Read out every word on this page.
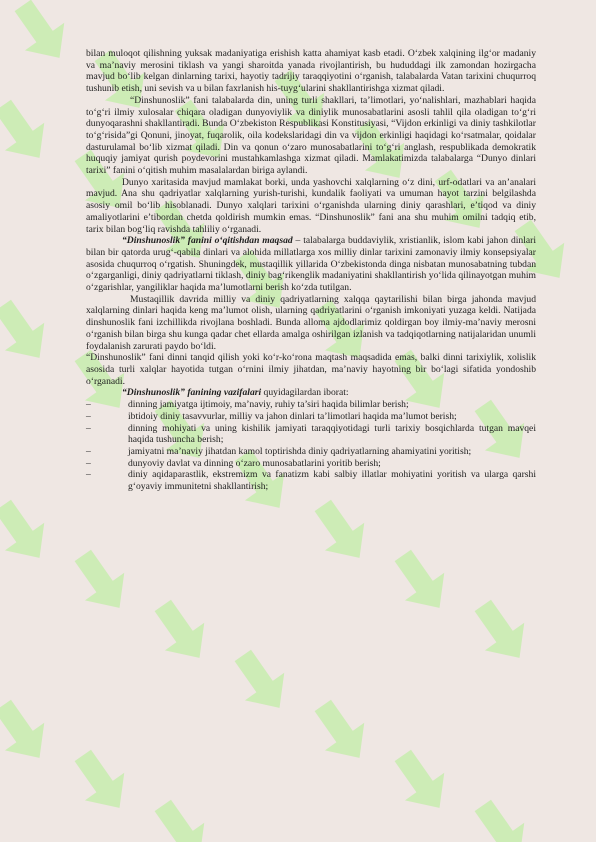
bilan muloqot qilishning yuksak madaniyatiga erishish katta ahamiyat kasb etadi. O‘zbek xalqining ilg‘or madaniy va ma’naviy merosini tiklash va yangi sharoitda yanada rivojlantirish, bu hududdagi ilk zamondan hozirgacha mavjud bo‘lib kelgan dinlarning tarixi, hayotiy tadrijiy taraqqiyotini o‘rganish, talabalarda Vatan tarixini chuqurroq tushunib etish, uni sevish va u bilan faxrlanish his-tuyg‘ularini shakllantirishga xizmat qiladi.

“Dinshunoslik” fani talabalarda din, uning turli shakllari, ta’limotlari, yo‘nalishlari, mazhablari haqida to‘g‘ri ilmiy xulosalar chiqara oladigan dunyoviylik va diniylik munosabatlarini asosli tahlil qila oladigan to‘g‘ri dunyoqarashni shakllantiradi. Bunda O‘zbekiston Respublikasi Konstitusiyasi, “Vijdon erkinligi va diniy tashkilotlar to‘g‘risida”gi Qonuni, jinoyat, fuqarolik, oila kodekslaridagi din va vijdon erkinligi haqidagi ko‘rsatmalar, qoidalar dasturulamal bo‘lib xizmat qiladi. Din va qonun o‘zaro munosabatlarini to‘g‘ri anglash, respublikada demokratik huquqiy jamiyat qurish poydevorini mustahkamlashga xizmat qiladi. Mamlakatimizda talabalarga “Dunyo dinlari tarixi” fanini o‘qitish muhim masalalardan biriga aylandi.

Dunyo xaritasida mavjud mamlakat borki, unda yashovchi xalqlarning o‘z dini, urf-odatlari va an’analari mavjud. Ana shu qadriyatlar xalqlarning yurish-turishi, kundalik faoliyati va umuman hayot tarzini belgilashda asosiy omil bo‘lib hisoblanadi. Dunyo xalqlari tarixini o‘rganishda ularning diniy qarashlari, e’tiqod va diniy amaliyotlarini e’tibordan chetda qoldirish mumkin emas. “Dinshunoslik” fani ana shu muhim omilni tadqiq etib, tarix bilan bog‘liq ravishda tahliliy o‘rganadi.

“Dinshunoslik” fanini o‘qitishdan maqsad – talabalarga buddaviylik, xristianlik, islom kabi jahon dinlari bilan bir qatorda urug‘-qabila dinlari va alohida millatlarga xos milliy dinlar tarixini zamonaviy ilmiy konsepsiyalar asosida chuqurroq o‘rgatish. Shuningdek, mustaqillik yillarida O‘zbekistonda dinga nisbatan munosabatning tubdan o‘zgarganligi, diniy qadriyatlarni tiklash, diniy bag‘rikenglik madaniyatini shakllantirish yo‘lida qilinayotgan muhim o‘zgarishlar, yangiliklar haqida ma’lumotlarni berish ko‘zda tutilgan.

Mustaqillik davrida milliy va diniy qadriyatlarning xalqqa qaytarilishi bilan birga jahonda mavjud xalqlarning dinlari haqida keng ma’lumot olish, ularning qadriyatlarini o‘rganish imkoniyati yuzaga keldi. Natijada dinshunoslik fani izchillikda rivojlana boshladi. Bunda alloma ajdodlarimiz qoldirgan boy ilmiy-ma’naviy merosni o‘rganish bilan birga shu kunga qadar chet ellarda amalga oshirilgan izlanish va tadqiqotlarning natijalaridan unumli foydalanish zarurati paydo bo‘ldi.

“Dinshunoslik” fani dinni tanqid qilish yoki ko‘r-ko‘rona maqtash maqsadida emas, balki dinni tarixiylik, xolislik asosida turli xalqlar hayotida tutgan o‘rnini ilmiy jihatdan, ma’naviy hayotning bir bo‘lagi sifatida yondoshib o‘rganadi.

“Dinshunoslik” fanining vazifalari quyidagilardan iborat:

–	dinning jamiyatga ijtimoiy, ma’naviy, ruhiy ta’siri haqida bilimlar berish;
–	ibtidoiy diniy tasavvurlar, milliy va jahon dinlari ta’limotlari haqida ma’lumot berish;
–	dinning mohiyati va uning kishilik jamiyati taraqqiyotidagi turli tarixiy bosqichlarda tutgan mavqei haqida tushuncha berish;
–	jamiyatni ma’naviy jihatdan kamol toptirishda diniy qadriyatlarning ahamiyatini yoritish;
–	dunyoviy davlat va dinning o‘zaro munosabatlarini yoritib berish;
–	diniy aqidaparastlik, ekstremizm va fanatizm kabi salbiy illatlar mohiyatini yoritish va ularga qarshi g‘oyaviy immunitetni shakllantirish;
